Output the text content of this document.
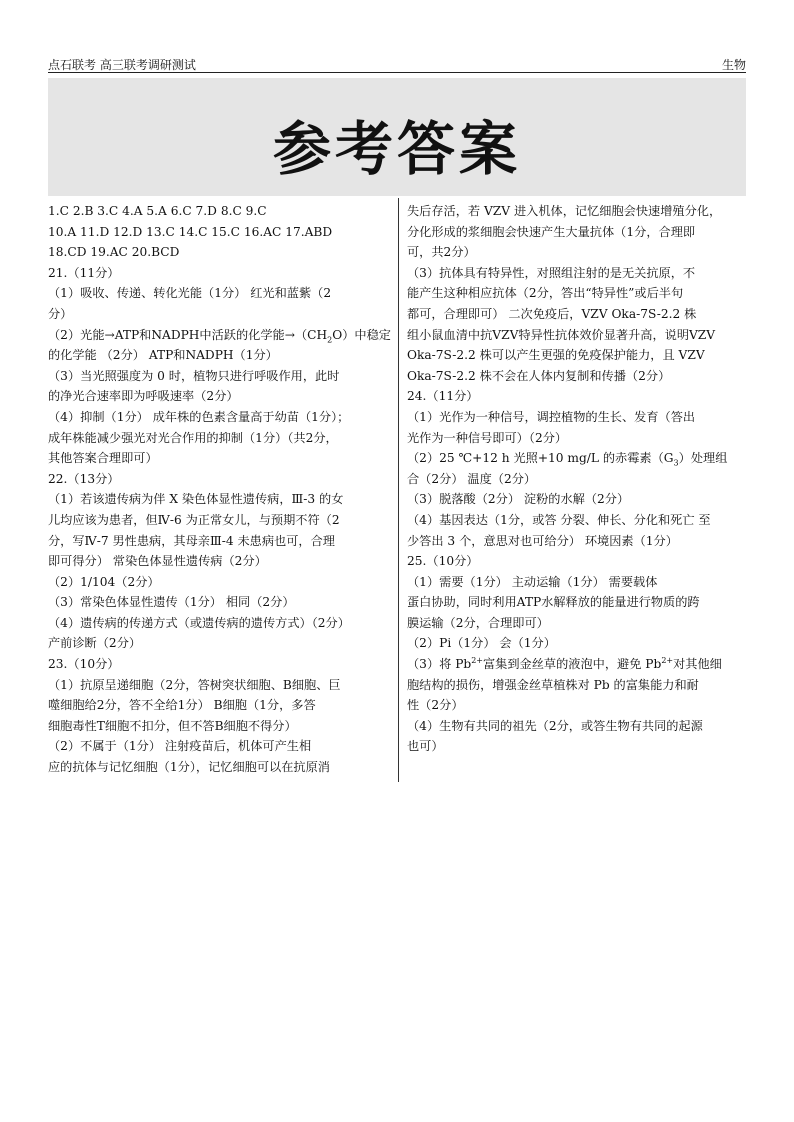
点石联考 高三联考调研测试	生物
参考答案
1.C 2.B 3.C 4.A 5.A 6.C 7.D 8.C 9.C
10.A 11.D 12.D 13.C 14.C 15.C 16.AC 17.ABD
18.CD 19.AC 20.BCD
21.（11分）
（1）吸收、传递、转化光能（1分） 红光和蓝紫（2
分）
（2）光能→ATP和NADPH中活跃的化学能$\to(CH_2O)$中稳定
的化学能 （2分） ATP和NADPH（1分）
（3）当光照强度为 0 时，植物只进行呼吸作用，此时
的净光合速率即为呼吸速率（2分）
（4）抑制（1分） 成年株的色素含量高于幼苗（1分）；
成年株能减少强光对光合作用的抑制（1分）（共2分，
其他答案合理即可）
22.（13分）
（1）若该遗传病为伴 X 染色体显性遗传病，Ⅲ-3 的女
儿均应该为患者，但Ⅳ-6 为正常女儿，与预期不符（2
分，写Ⅳ-7 男性患病，其母亲Ⅲ-4 未患病也可，合理
即可得分） 常染色体显性遗传病（2分）
（2）1/104（2分）
（3）常染色体显性遗传（1分） 相同（2分）
（4）遗传病的传递方式（或遗传病的遗传方式）（2分）
产前诊断（2分）
23.（10分）
（1）抗原呈递细胞（2分，答树突状细胞、B细胞、巨
噬细胞给2分，答不全给1分） B细胞（1分，多答
细胞毒性T细胞不扣分，但不答B细胞不得分）
（2）不属于（1分） 注射疫苗后，机体可产生相
应的抗体与记忆细胞（1分），记忆细胞可以在抗原消
失后存活，若 VZV 进入机体，记忆细胞会快速增殖分化，
分化形成的浆细胞会快速产生大量抗体（1分，合理即
可，共2分）
（3）抗体具有特异性，对照组注射的是无关抗原，不
能产生这种相应抗体（2分，答出“特异性”或后半句
都可，合理即可） 二次免疫后，VZV Oka-7S-2.2 株
组小鼠血清中抗VZV特异性抗体效价显著升高，说明VZV
Oka-7S-2.2 株可以产生更强的免疫保护能力，且 VZV
Oka-7S-2.2 株不会在人体内复制和传播（2分）
24.（11分）
（1）光作为一种信号，调控植物的生长、发育（答出
光作为一种信号即可）（2分）
（2）25 ℃+12 h 光照+10 mg/L 的赤霉素$(G_3)$处理组
合（2分） 温度（2分）
（3）脱落酸（2分） 淀粉的水解（2分）
（4）基因表达（1分，或答 分裂、伸长、分化和死亡 至
少答出 3 个，意思对也可给分） 环境因素（1分）
25.（10分）
（1）需要（1分） 主动运输（1分） 需要载体
蛋白协助，同时利用ATP水解释放的能量进行物质的跨
膜运输（2分，合理即可）
（2）Pi（1分） 会（1分）
（3）将 $Pb^{2+}$富集到金丝草的液泡中，避免 $Pb^{2+}$对其他细
胞结构的损伤，增强金丝草植株对 Pb 的富集能力和耐
性（2分）
（4）生物有共同的祖先（2分，或答生物有共同的起源
也可）
